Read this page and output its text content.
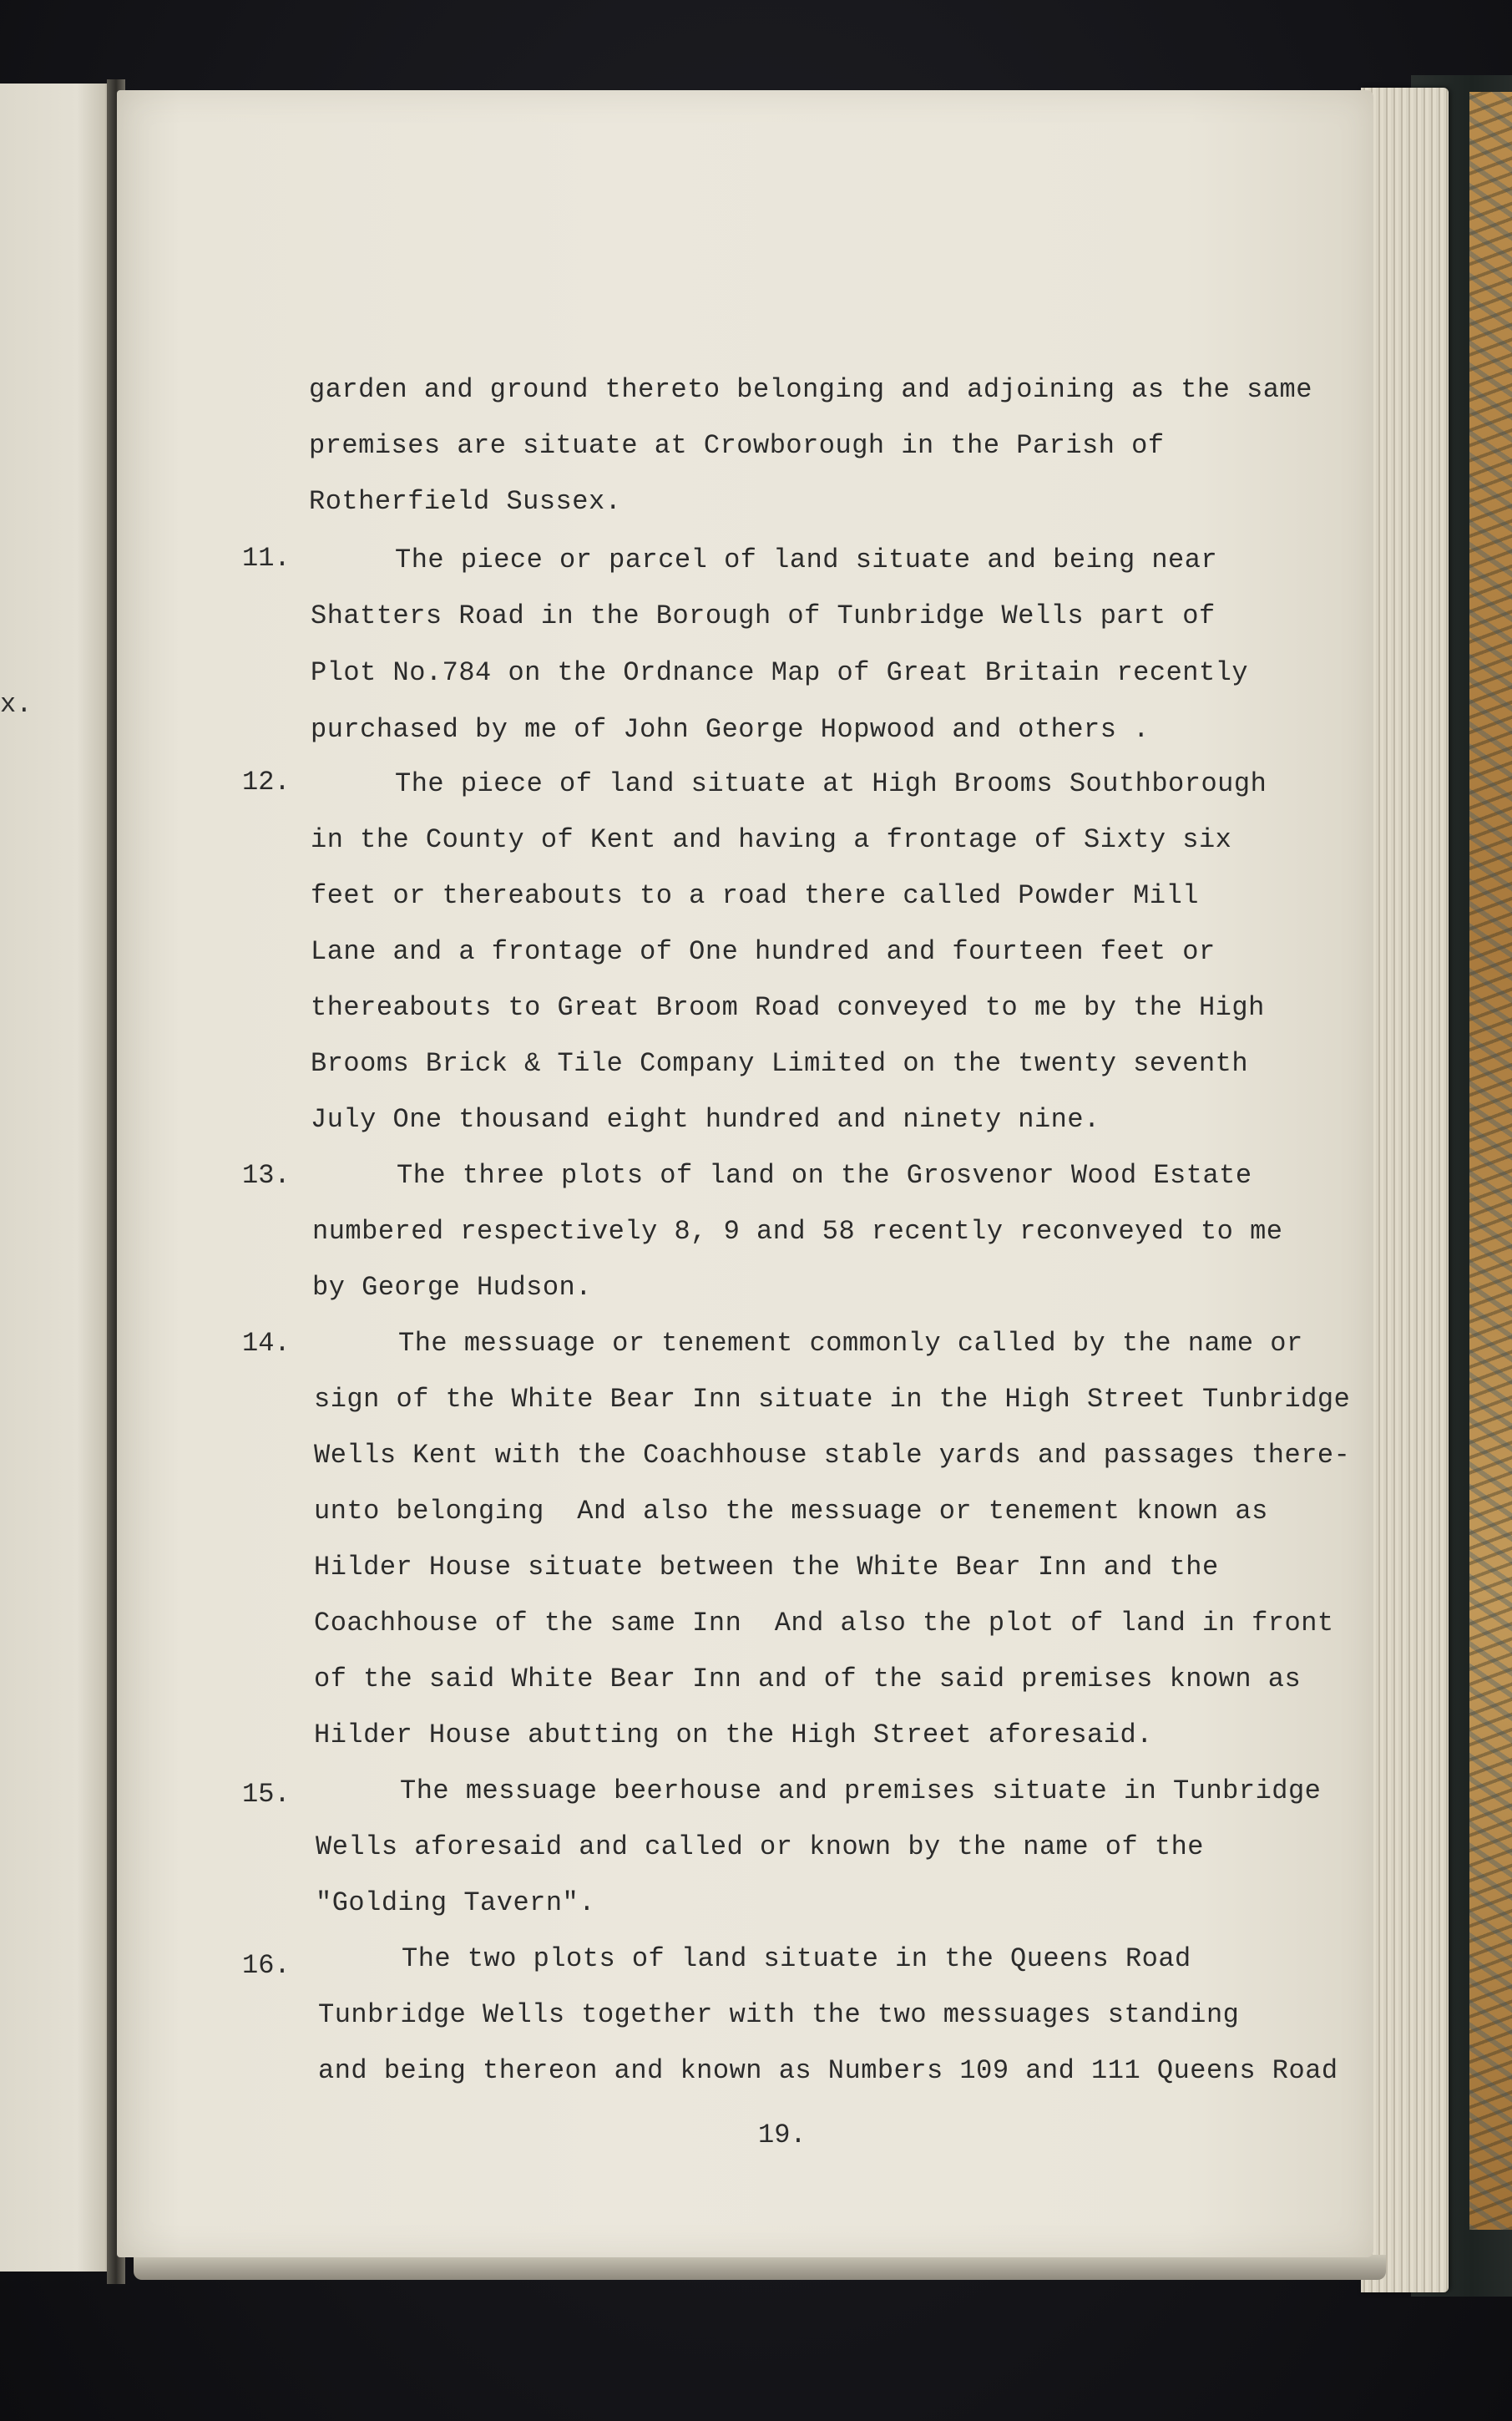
x.
garden and ground thereto belonging and adjoining as the same
premises are situate at Crowborough in the Parish of
Rotherfield Sussex.
11.	The piece or parcel of land situate and being near
Shatters Road in the Borough of Tunbridge Wells part of
Plot No.784 on the Ordnance Map of Great Britain recently
purchased by me of John George Hopwood and others .
12.	The piece of land situate at High Brooms Southborough
in the County of Kent and having a frontage of Sixty six
feet or thereabouts to a road there called Powder Mill
Lane and a frontage of One hundred and fourteen feet or
thereabouts to Great Broom Road conveyed to me by the High
Brooms Brick & Tile Company Limited on the twenty seventh
July One thousand eight hundred and ninety nine.
13.	The three plots of land on the Grosvenor Wood Estate
numbered respectively 8, 9 and 58 recently reconveyed to me
by George Hudson.
14.	The messuage or tenement commonly called by the name or
sign of the White Bear Inn situate in the High Street Tunbridge
Wells Kent with the Coachhouse stable yards and passages there-
unto belonging  And also the messuage or tenement known as
Hilder House situate between the White Bear Inn and the
Coachhouse of the same Inn  And also the plot of land in front
of the said White Bear Inn and of the said premises known as
Hilder House abutting on the High Street aforesaid.
15.	The messuage beerhouse and premises situate in Tunbridge
Wells aforesaid and called or known by the name of the
"Golding Tavern".
16.	The two plots of land situate in the Queens Road
Tunbridge Wells together with the two messuages standing
and being thereon and known as Numbers 109 and 111 Queens Road
19.
